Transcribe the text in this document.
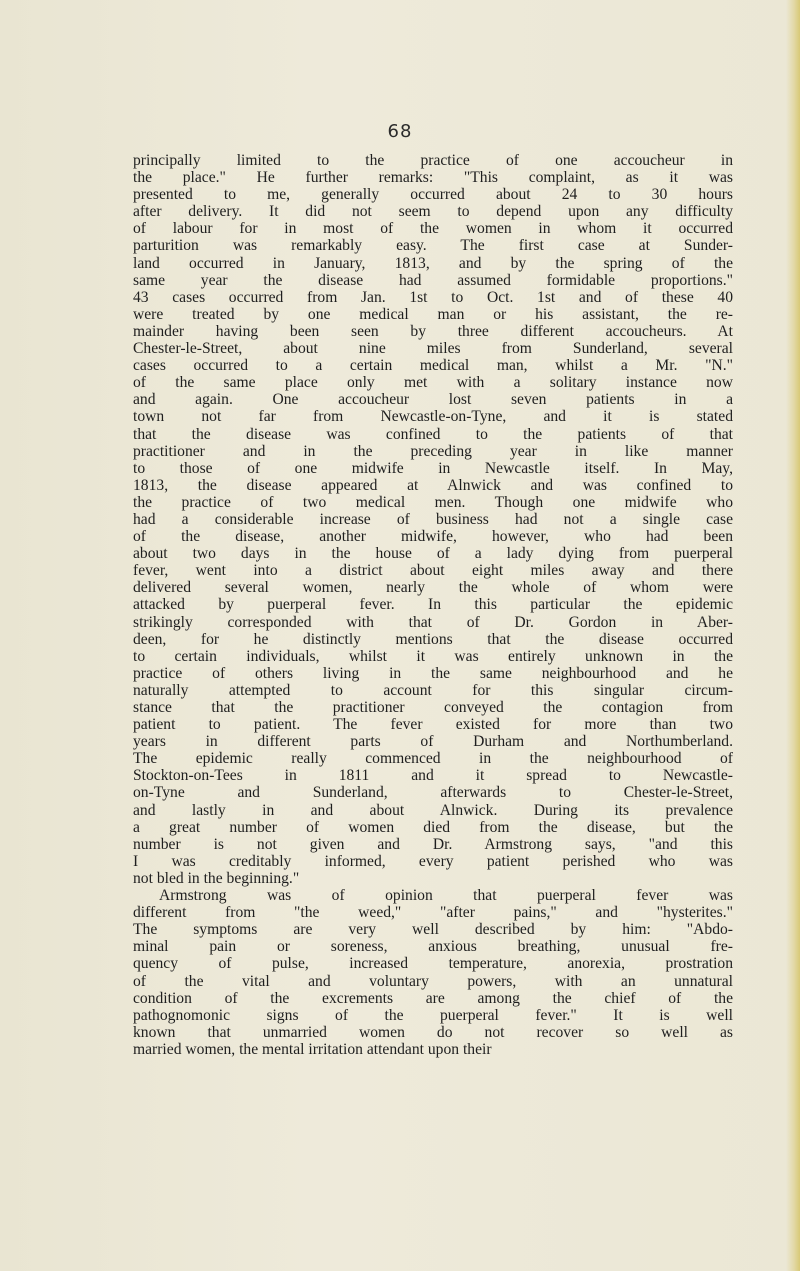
68
principally limited to the practice of one accoucheur in
the place." He further remarks: "This complaint, as it was
presented to me, generally occurred about 24 to 30 hours
after delivery. It did not seem to depend upon any difficulty
of labour for in most of the women in whom it occurred
parturition was remarkably easy. The first case at Sunder-
land occurred in January, 1813, and by the spring of the
same year the disease had assumed formidable proportions."
43 cases occurred from Jan. 1st to Oct. 1st and of these 40
were treated by one medical man or his assistant, the re-
mainder having been seen by three different accoucheurs. At
Chester-le-Street, about nine miles from Sunderland, several
cases occurred to a certain medical man, whilst a Mr. "N."
of the same place only met with a solitary instance now
and again. One accoucheur lost seven patients in a
town not far from Newcastle-on-Tyne, and it is stated
that the disease was confined to the patients of that
practitioner and in the preceding year in like manner
to those of one midwife in Newcastle itself. In May,
1813, the disease appeared at Alnwick and was confined to
the practice of two medical men. Though one midwife who
had a considerable increase of business had not a single case
of the disease, another midwife, however, who had been
about two days in the house of a lady dying from puerperal
fever, went into a district about eight miles away and there
delivered several women, nearly the whole of whom were
attacked by puerperal fever. In this particular the epidemic
strikingly corresponded with that of Dr. Gordon in Aber-
deen, for he distinctly mentions that the disease occurred
to certain individuals, whilst it was entirely unknown in the
practice of others living in the same neighbourhood and he
naturally attempted to account for this singular circum-
stance that the practitioner conveyed the contagion from
patient to patient. The fever existed for more than two
years in different parts of Durham and Northumberland.
The epidemic really commenced in the neighbourhood of
Stockton-on-Tees in 1811 and it spread to Newcastle-
on-Tyne and Sunderland, afterwards to Chester-le-Street,
and lastly in and about Alnwick. During its prevalence
a great number of women died from the disease, but the
number is not given and Dr. Armstrong says, "and this
I was creditably informed, every patient perished who was
not bled in the beginning."
Armstrong was of opinion that puerperal fever was
different from "the weed," "after pains," and "hysterites."
The symptoms are very well described by him: "Abdo-
minal pain or soreness, anxious breathing, unusual fre-
quency of pulse, increased temperature, anorexia, prostration
of the vital and voluntary powers, with an unnatural
condition of the excrements are among the chief of the
pathognomonic signs of the puerperal fever." It is well
known that unmarried women do not recover so well as
married women, the mental irritation attendant upon their
